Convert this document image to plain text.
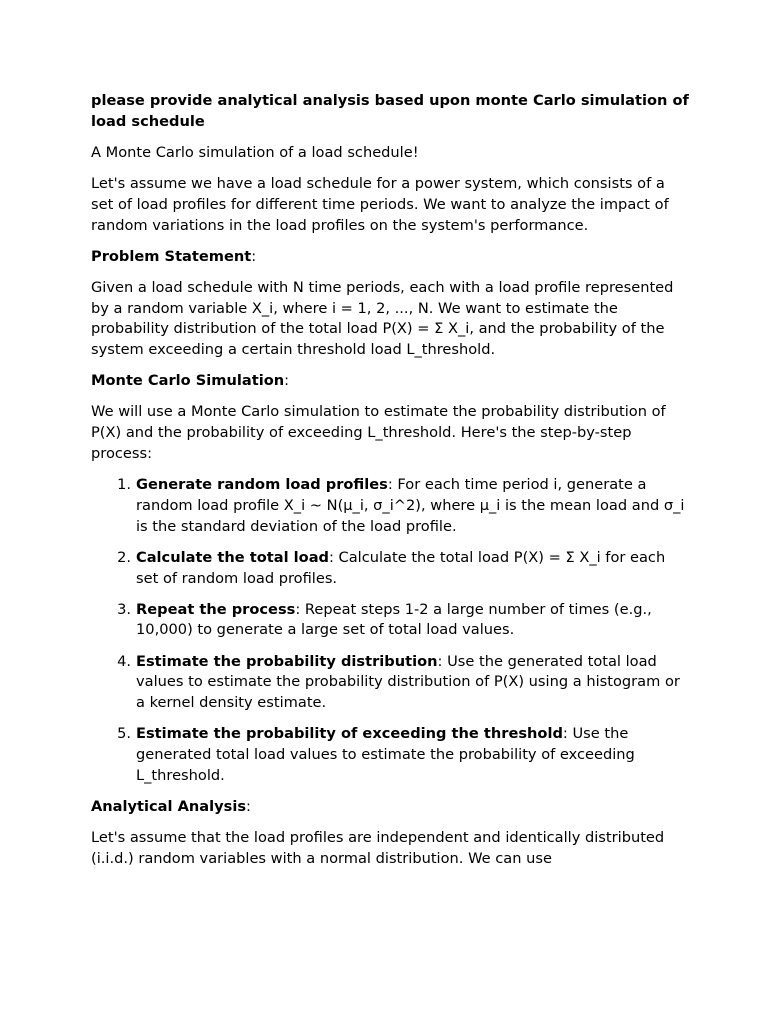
please provide analytical analysis based upon monte Carlo simulation of load schedule

A Monte Carlo simulation of a load schedule!

Let's assume we have a load schedule for a power system, which consists of a set of load profiles for different time periods. We want to analyze the impact of random variations in the load profiles on the system's performance.

Problem Statement:

Given a load schedule with N time periods, each with a load profile represented by a random variable X_i, where i = 1, 2, ..., N. We want to estimate the probability distribution of the total load P(X) = Σ X_i, and the probability of the system exceeding a certain threshold load L_threshold.

Monte Carlo Simulation:

We will use a Monte Carlo simulation to estimate the probability distribution of P(X) and the probability of exceeding L_threshold. Here's the step-by-step process:

1. Generate random load profiles: For each time period i, generate a random load profile X_i ~ N(μ_i, σ_i^2), where μ_i is the mean load and σ_i is the standard deviation of the load profile.
2. Calculate the total load: Calculate the total load P(X) = Σ X_i for each set of random load profiles.
3. Repeat the process: Repeat steps 1-2 a large number of times (e.g., 10,000) to generate a large set of total load values.
4. Estimate the probability distribution: Use the generated total load values to estimate the probability distribution of P(X) using a histogram or a kernel density estimate.
5. Estimate the probability of exceeding the threshold: Use the generated total load values to estimate the probability of exceeding L_threshold.

Analytical Analysis:

Let's assume that the load profiles are independent and identically distributed (i.i.d.) random variables with a normal distribution. We can use
